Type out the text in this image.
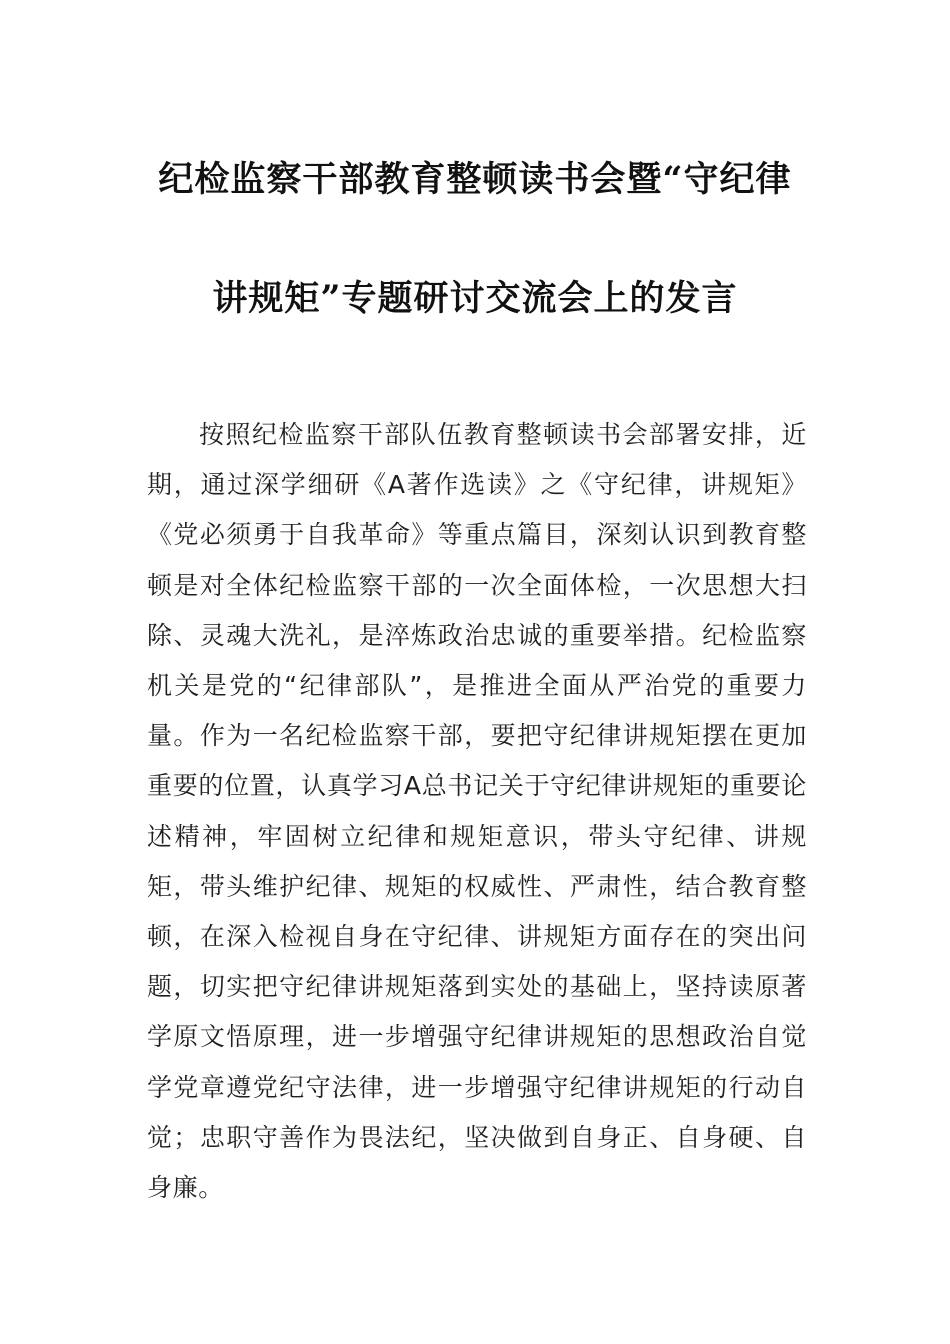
纪检监察干部教育整顿读书会暨“守纪律
讲规矩”专题研讨交流会上的发言

按照纪检监察干部队伍教育整顿读书会部署安排，近期，通过深学细研《A著作选读》之《守纪律，讲规矩》《党必须勇于自我革命》等重点篇目，深刻认识到教育整顿是对全体纪检监察干部的一次全面体检，一次思想大扫除、灵魂大洗礼，是淬炼政治忠诚的重要举措。纪检监察机关是党的“纪律部队”，是推进全面从严治党的重要力量。作为一名纪检监察干部，要把守纪律讲规矩摆在更加重要的位置，认真学习A总书记关于守纪律讲规矩的重要论述精神，牢固树立纪律和规矩意识，带头守纪律、讲规矩，带头维护纪律、规矩的权威性、严肃性，结合教育整顿，在深入检视自身在守纪律、讲规矩方面存在的突出问题，切实把守纪律讲规矩落到实处的基础上，坚持读原著学原文悟原理，进一步增强守纪律讲规矩的思想政治自觉学党章遵党纪守法律，进一步增强守纪律讲规矩的行动自觉；忠职守善作为畏法纪，坚决做到自身正、自身硬、自身廉。
